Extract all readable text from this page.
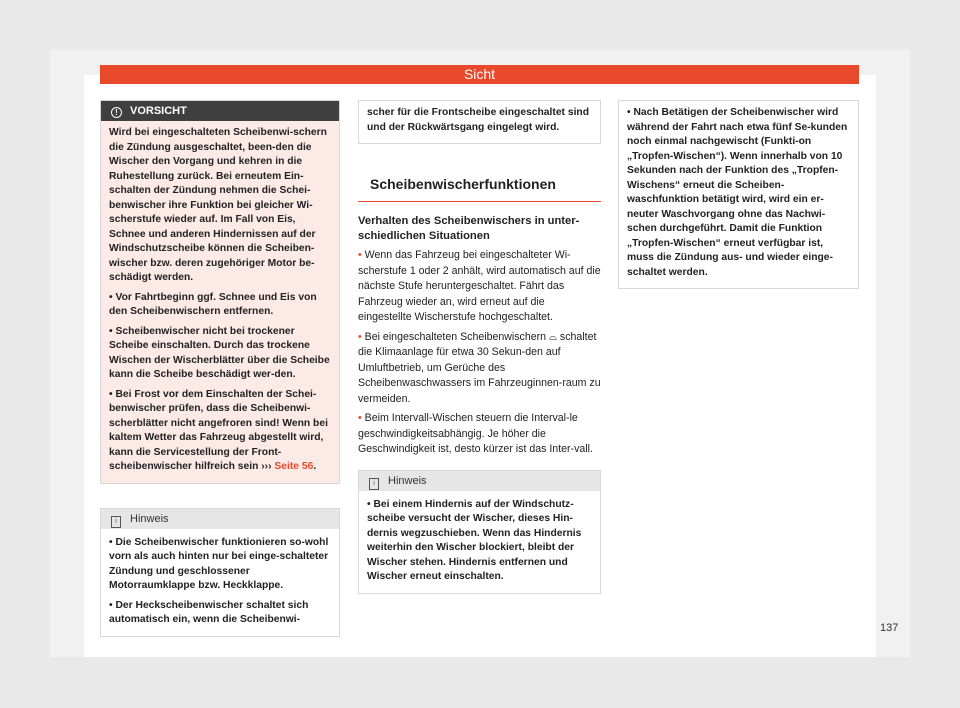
Sicht
! VORSICHT

Wird bei eingeschalteten Scheibenwi-schern die Zündung ausgeschaltet, been-den die Wischer den Vorgang und kehren in die Ruhestellung zurück. Bei erneutem Ein-schalten der Zündung nehmen die Schei-benwischer ihre Funktion bei gleicher Wi-scherstufe wieder auf. Im Fall von Eis, Schnee und anderen Hindernissen auf der Windschutzscheibe können die Scheiben-wischer bzw. deren zugehöriger Motor be-schädigt werden.

• Vor Fahrtbeginn ggf. Schnee und Eis von den Scheibenwischern entfernen.

• Scheibenwischer nicht bei trockener Scheibe einschalten. Durch das trockene Wischen der Wischerblätter über die Scheibe kann die Scheibe beschädigt wer-den.

• Bei Frost vor dem Einschalten der Schei-benwischer prüfen, dass die Scheibenwi-scherblätter nicht angefroren sind! Wenn bei kaltem Wetter das Fahrzeug abgestellt wird, kann die Servicestellung der Front-scheibenwischer hilfreich sein ››› Seite 56.

i Hinweis

• Die Scheibenwischer funktionieren so-wohl vorn als auch hinten nur bei einge-schalteter Zündung und geschlossener Motorraumklappe bzw. Heckklappe.

• Der Heckscheibenwischer schaltet sich automatisch ein, wenn die Scheibenwi-

scher für die Frontscheibe eingeschaltet sind und der Rückwärtsgang eingelegt wird.

Scheibenwischerfunktionen
Verhalten des Scheibenwischers in unter-schiedlichen Situationen

• Wenn das Fahrzeug bei eingeschalteter Wi-scherstufe 1 oder 2 anhält, wird automatisch auf die nächste Stufe heruntergeschaltet. Fährt das Fahrzeug wieder an, wird erneut auf die eingestellte Wischerstufe hochgeschaltet.

• Bei eingeschalteten Scheibenwischern ⌓ schaltet die Klimaanlage für etwa 30 Sekun-den auf Umluftbetrieb, um Gerüche des Scheibenwaschwassers im Fahrzeuginnen-raum zu vermeiden.

• Beim Intervall-Wischen steuern die Interval-le geschwindigkeitsabhängig. Je höher die Geschwindigkeit ist, desto kürzer ist das Inter-vall.

i Hinweis

• Bei einem Hindernis auf der Windschutz-scheibe versucht der Wischer, dieses Hin-dernis wegzuschieben. Wenn das Hindernis weiterhin den Wischer blockiert, bleibt der Wischer stehen. Hindernis entfernen und Wischer erneut einschalten.

• Nach Betätigen der Scheibenwischer wird während der Fahrt nach etwa fünf Se-kunden noch einmal nachgewischt (Funkti-on „Tropfen-Wischen“). Wenn innerhalb von 10 Sekunden nach der Funktion des „Tropfen-Wischens“ erneut die Scheiben-waschfunktion betätigt wird, wird ein er-neuter Waschvorgang ohne das Nachwi-schen durchgeführt. Damit die Funktion „Tropfen-Wischen“ erneut verfügbar ist, muss die Zündung aus- und wieder einge-schaltet werden.

137
